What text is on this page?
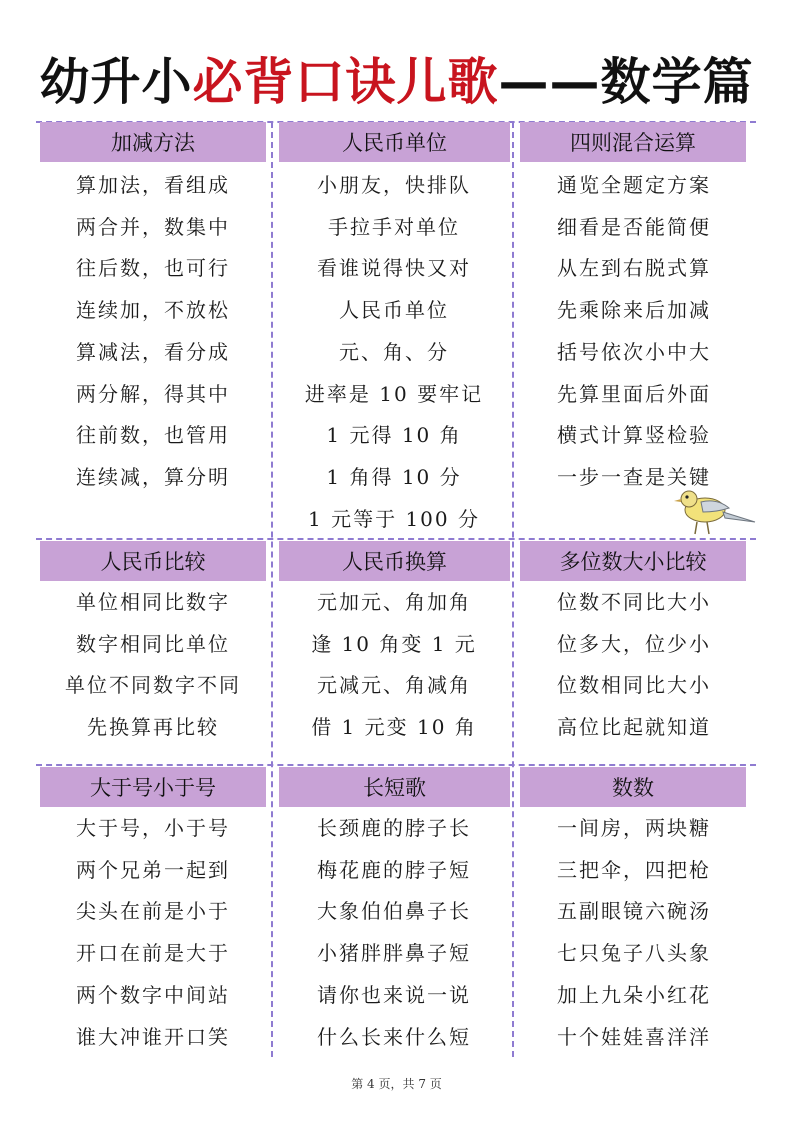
幼升小必背口诀儿歌——数学篇
加减方法
算加法，看组成
两合并，数集中
往后数，也可行
连续加，不放松
算减法，看分成
两分解，得其中
往前数，也管用
连续减，算分明
人民币单位
小朋友，快排队
手拉手对单位
看谁说得快又对
人民币单位
元、角、分
进率是 10 要牢记
1 元得 10 角
1 角得 10 分
1 元等于 100 分
四则混合运算
通览全题定方案
细看是否能简便
从左到右脱式算
先乘除来后加减
括号依次小中大
先算里面后外面
横式计算竖检验
一步一查是关键
人民币比较
单位相同比数字
数字相同比单位
单位不同数字不同
先换算再比较
人民币换算
元加元、角加角
逢 10 角变 1 元
元减元、角减角
借 1 元变 10 角
多位数大小比较
位数不同比大小
位多大，位少小
位数相同比大小
高位比起就知道
大于号小于号
大于号，小于号
两个兄弟一起到
尖头在前是小于
开口在前是大于
两个数字中间站
谁大冲谁开口笑
长短歌
长颈鹿的脖子长
梅花鹿的脖子短
大象伯伯鼻子长
小猪胖胖鼻子短
请你也来说一说
什么长来什么短
数数
一间房，两块糖
三把伞，四把枪
五副眼镜六碗汤
七只兔子八头象
加上九朵小红花
十个娃娃喜洋洋
第 4 页，共 7 页
